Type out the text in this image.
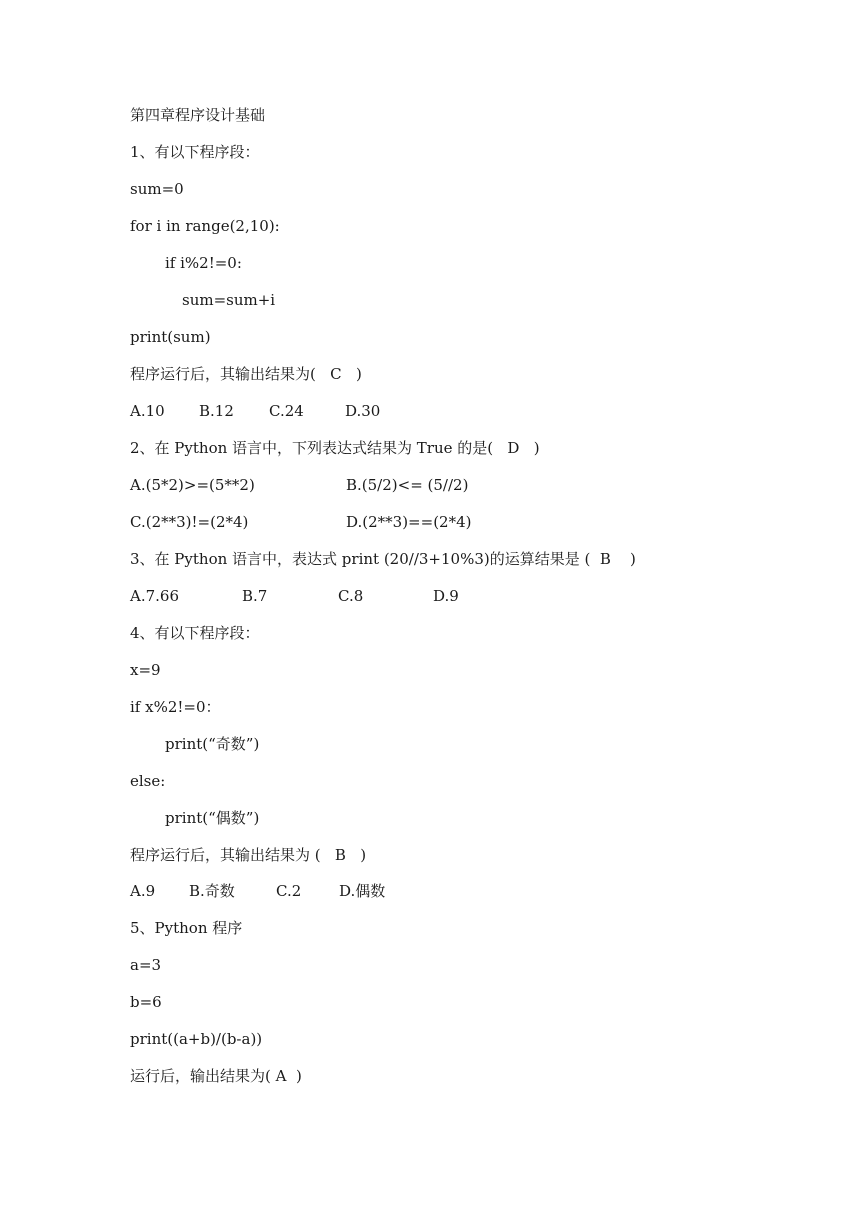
第四章程序设计基础
1、有以下程序段：
sum=0
for i in range(2,10):
if i%2!=0:
sum=sum+i
print(sum)
程序运行后，其输出结果为(   C   )

A.10

B.12

C.24

	D.30

2、在 Python 语言中，下列表达式结果为 True 的是(   D   )

A.(5*2)>=(5**2)

	B.(5/2)<= (5//2)

C.(2**3)!=(2*4)

	D.(2**3)==(2*4)

3、在 Python 语言中，表达式 print (20//3+10%3)的运算结果是 (  B    )

A.7.66

	B.7

	C.8

	D.9

4、有以下程序段：
x=9
if x%2!=0：
print(“奇数”)
else:
print(“偶数”)
程序运行后，其输出结果为 (   B   )

A.9

B.奇数

	C.2

	D.偶数

5、Python 程序
a=3
b=6
print((a+b)/(b-a))
运行后，输出结果为( A  )
